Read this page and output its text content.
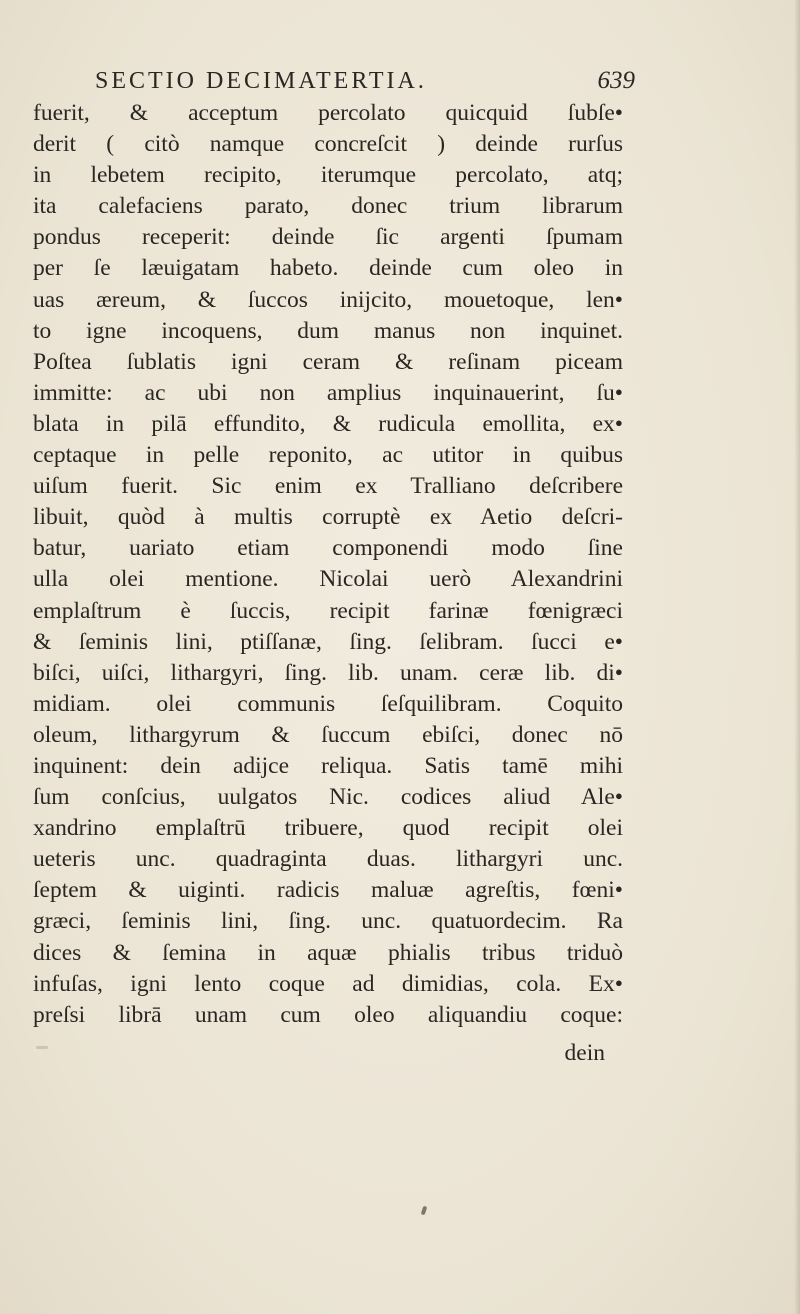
SECTIO DECIMATERTIA.	639
fuerit, & acceptum percolato quicquid ſubſe•
derit ( citò namque concreſcit ) deinde rurſus
in lebetem recipito, iterumque percolato, atq;
ita calefaciens parato, donec trium librarum
pondus receperit: deinde ſic argenti ſpumam
per ſe læuigatam habeto. deinde cum oleo in
uas æreum, & ſuccos inijcito, mouetoque, len•
to igne incoquens, dum manus non inquinet.
Poſtea ſublatis igni ceram & reſinam piceam
immitte: ac ubi non amplius inquinauerint, ſu•
blata in pilā effundito, & rudicula emollita, ex•
ceptaque in pelle reponito, ac utitor in quibus
uiſum fuerit. Sic enim ex Tralliano deſcribere
libuit, quòd à multis corruptè ex Aetio deſcri-
batur, uariato etiam componendi modo ſine
ulla olei mentione. Nicolai uerò Alexandrini
emplaſtrum è ſuccis, recipit farinæ fœnigræci
& ſeminis lini, ptiſſanæ, ſing. ſelibram. ſucci e•
biſci, uiſci, lithargyri, ſing. lib. unam. ceræ lib. di•
midiam. olei communis ſeſquilibram. Coquito
oleum, lithargyrum & ſuccum ebiſci, donec nō
inquinent: dein adijce reliqua. Satis tamē mihi
ſum conſcius, uulgatos Nic. codices aliud Ale•
xandrino emplaſtrū tribuere, quod recipit olei
ueteris unc. quadraginta duas. lithargyri unc.
ſeptem & uiginti. radicis maluæ agreſtis, fœni•
græci, ſeminis lini, ſing. unc. quatuordecim. Ra
dices & ſemina in aquæ phialis tribus triduò
infuſas, igni lento coque ad dimidias, cola. Ex•
preſsi librā unam cum oleo aliquandiu coque:
dein
